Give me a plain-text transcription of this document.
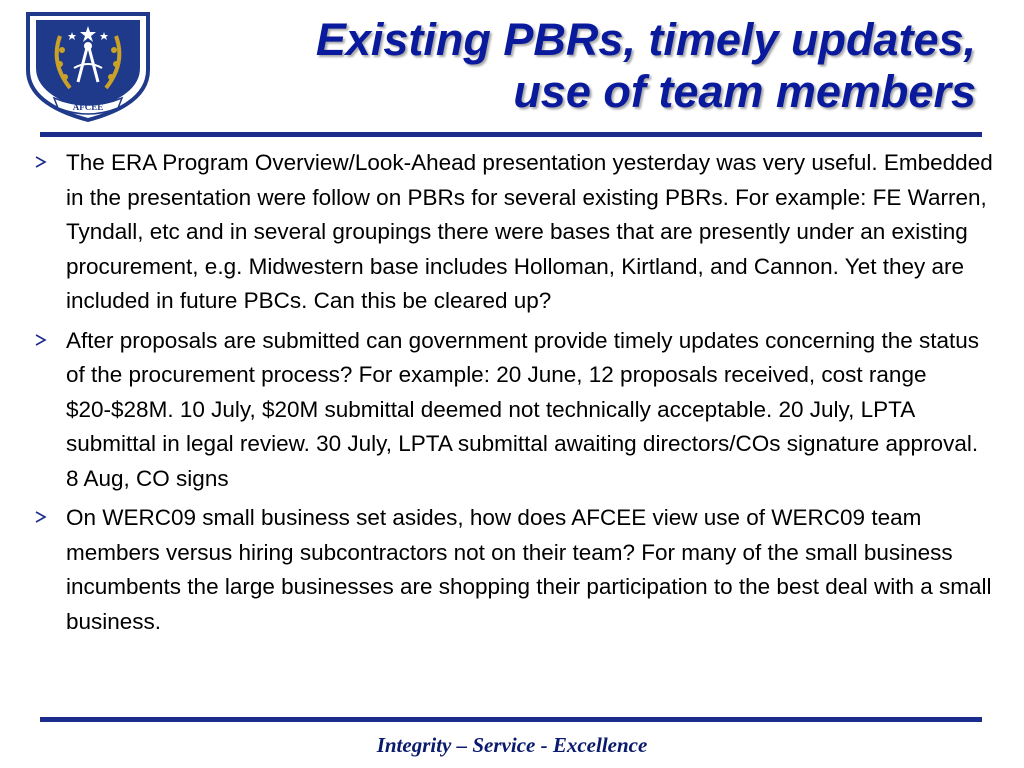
AFCEE
Existing PBRs, timely updates,
use of team members
The ERA Program Overview/Look-Ahead presentation yesterday was very useful. Embedded in the presentation were follow on PBRs for several existing PBRs. For example: FE Warren, Tyndall, etc and in several groupings there were bases that are presently under an existing procurement, e.g. Midwestern base includes Holloman, Kirtland, and Cannon. Yet they are included in future PBCs. Can this be cleared up?
After proposals are submitted can government provide timely updates concerning the status of the procurement process? For example: 20 June, 12 proposals received, cost range $20-$28M. 10 July, $20M submittal deemed not technically acceptable. 20 July, LPTA submittal in legal review. 30 July, LPTA submittal awaiting directors/COs signature approval. 8 Aug, CO signs
On WERC09 small business set asides, how does AFCEE view use of WERC09 team members versus hiring subcontractors not on their team? For many of the small business incumbents the large businesses are shopping their participation to the best deal with a small business.
Integrity – Service - Excellence
